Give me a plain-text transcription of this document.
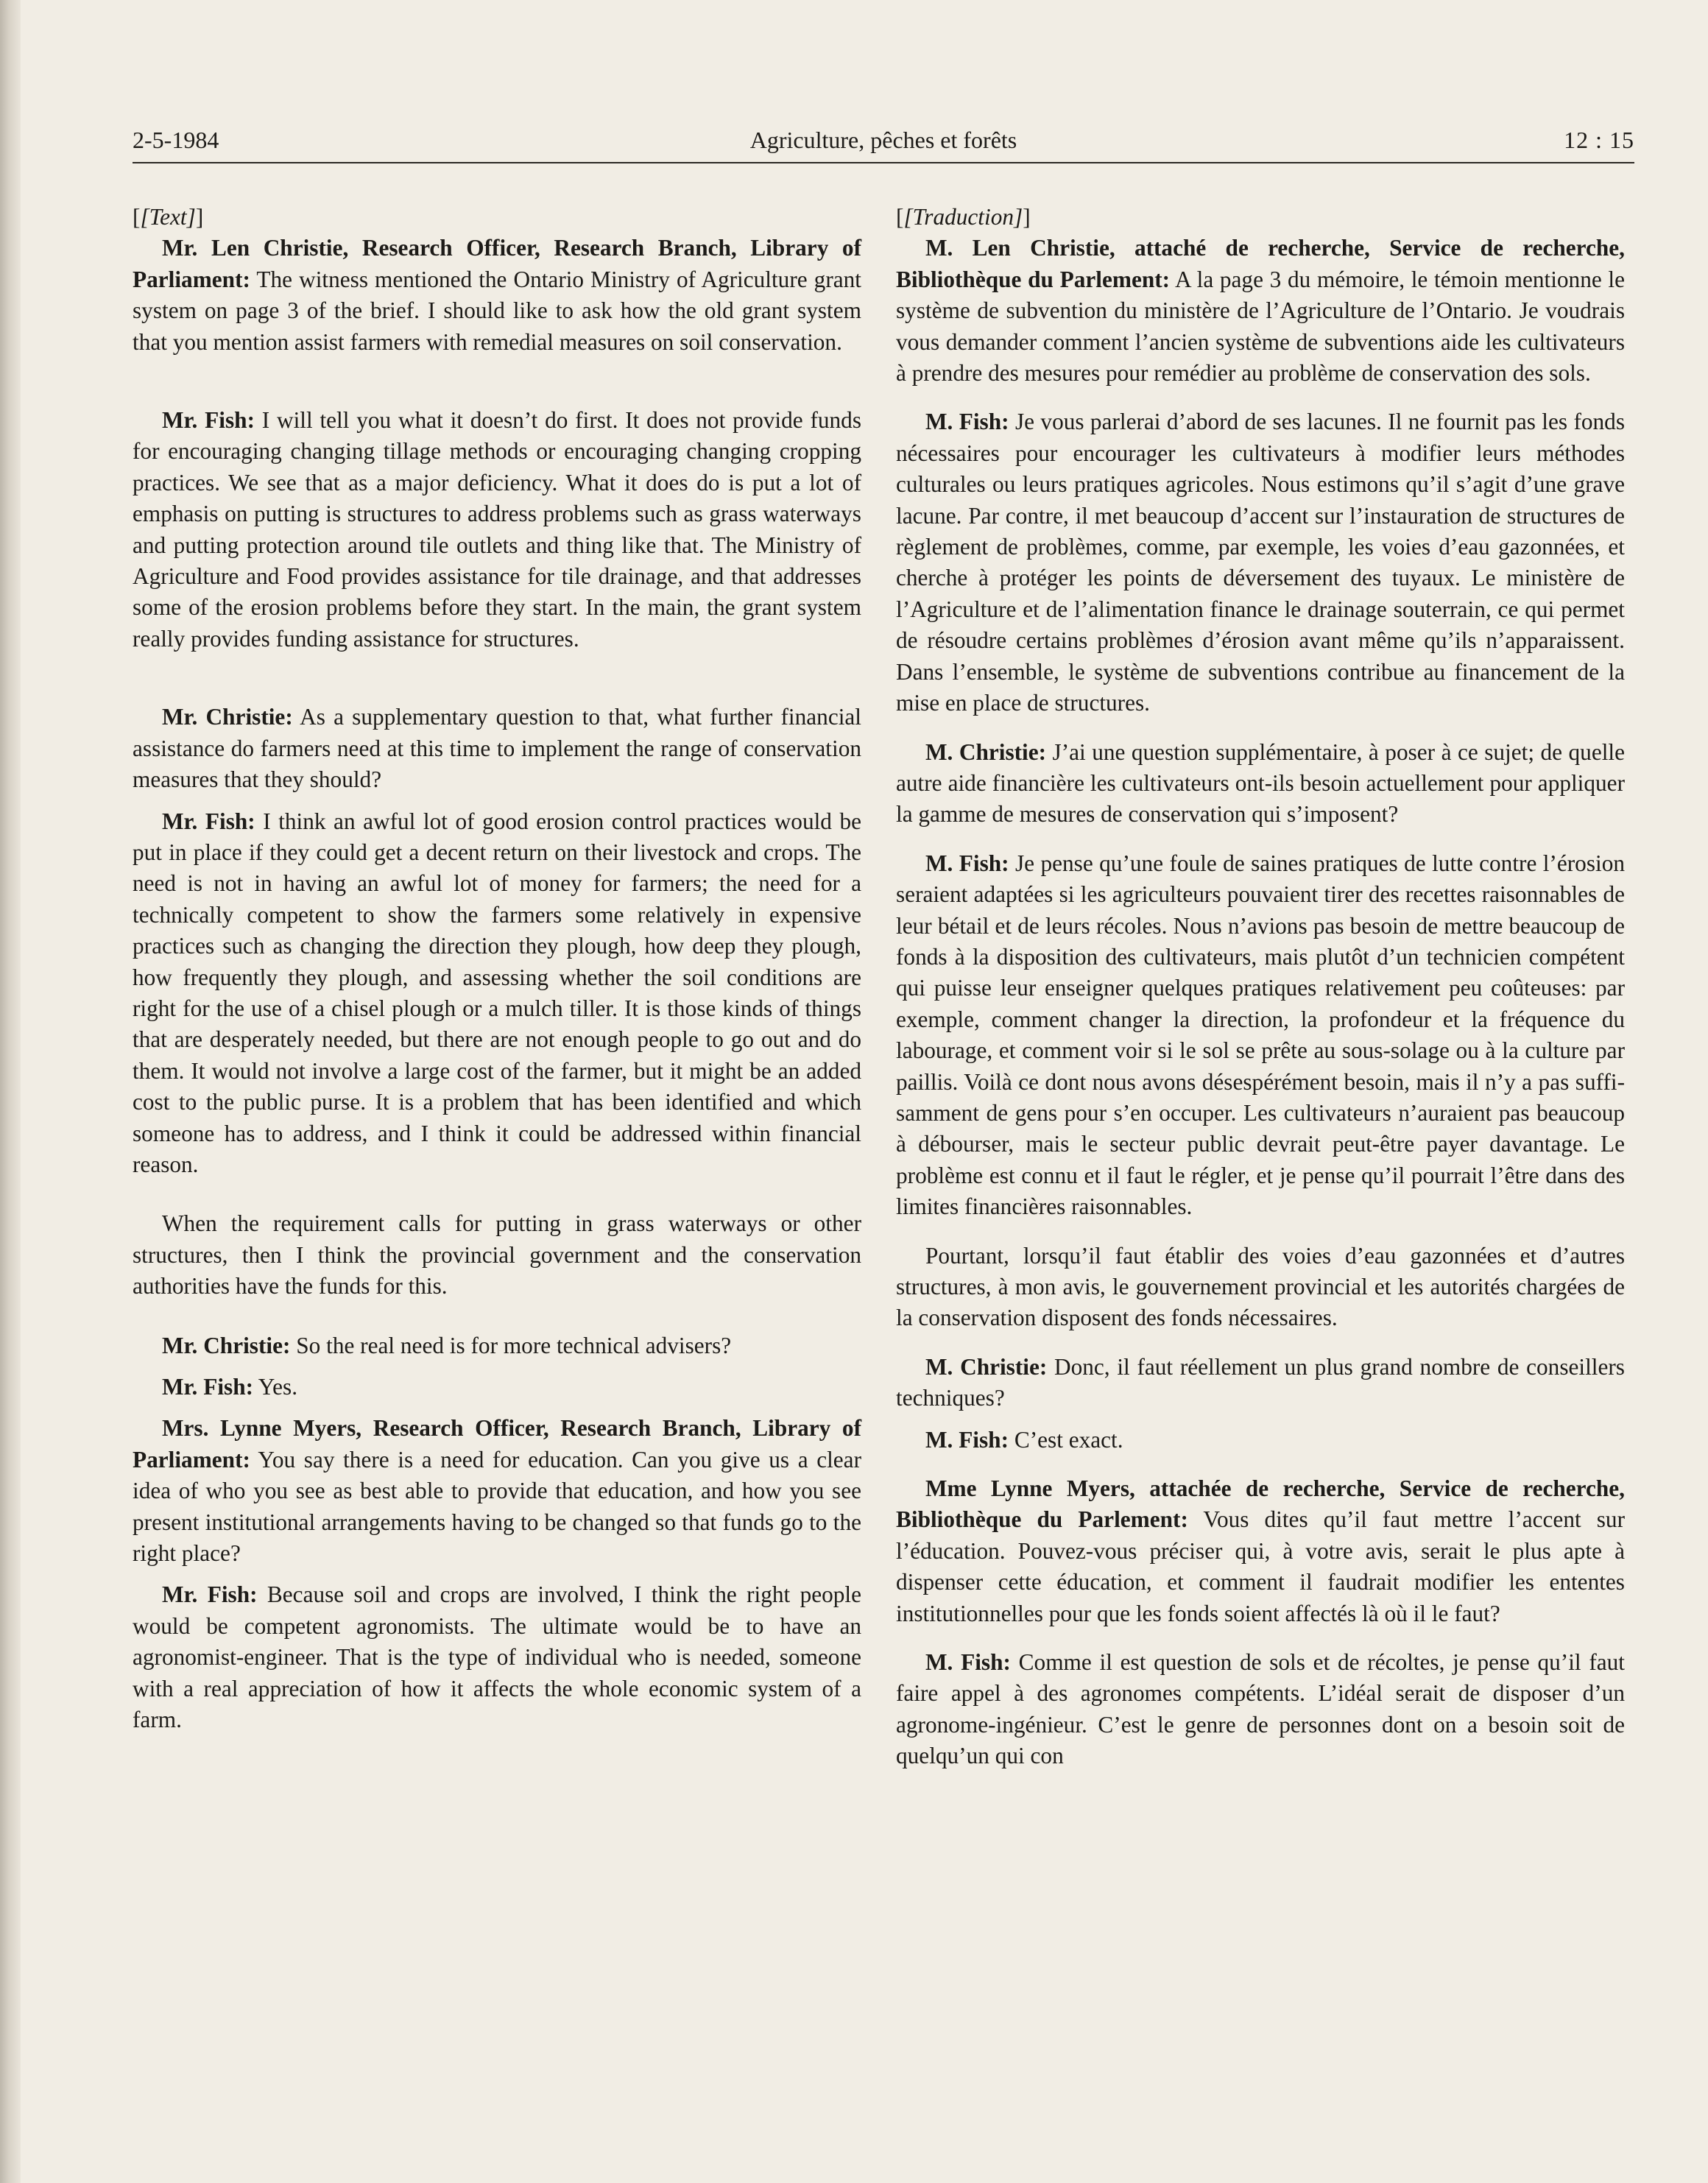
2-5-1984	Agriculture, pêches et forêts	12 : 15

[[Text]]

Mr. Len Christie, Research Officer, Research Branch, Library of Parliament: The witness mentioned the Ontario Ministry of Agriculture grant system on page 3 of the brief. I should like to ask how the old grant system that you mention assist farmers with remedial measures on soil conservation.

Mr. Fish: I will tell you what it doesn’t do first. It does not provide funds for encouraging changing tillage methods or encouraging changing cropping practices. We see that as a major deficiency. What it does do is put a lot of emphasis on putting is structures to address problems such as grass waterways and putting protection around tile outlets and thing like that. The Ministry of Agriculture and Food provides assistance for tile drainage, and that addresses some of the erosion problems before they start. In the main, the grant system really provides funding assistance for structures.

Mr. Christie: As a supplementary question to that, what further financial assistance do farmers need at this time to implement the range of conservation measures that they should?

Mr. Fish: I think an awful lot of good erosion control practices would be put in place if they could get a decent return on their livestock and crops. The need is not in having an awful lot of money for farmers; the need for a technically competent to show the farmers some relatively in expensive practices such as changing the direction they plough, how deep they plough, how frequently they plough, and assessing whether the soil conditions are right for the use of a chisel plough or a mulch tiller. It is those kinds of things that are desperately needed, but there are not enough people to go out and do them. It would not involve a large cost of the farmer, but it might be an added cost to the public purse. It is a problem that has been identified and which someone has to address, and I think it could be addressed within financial reason.

When the requirement calls for putting in grass waterways or other structures, then I think the provincial government and the conservation authorities have the funds for this.

Mr. Christie: So the real need is for more technical advisers?

Mr. Fish: Yes.

Mrs. Lynne Myers, Research Officer, Research Branch, Library of Parliament: You say there is a need for education. Can you give us a clear idea of who you see as best able to provide that education, and how you see present institutional arrangements having to be changed so that funds go to the right place?

Mr. Fish: Because soil and crops are involved, I think the right people would be competent agronomists. The ultimate would be to have an agronomist-engineer. That is the type of individual who is needed, someone with a real appreciation of how it affects the whole economic system of a farm.

[[Traduction]]

M. Len Christie, attaché de recherche, Service de recherche, Bibliothèque du Parlement: A la page 3 du mémoire, le témoin mentionne le système de subvention du ministère de l’Agriculture de l’Ontario. Je voudrais vous demander comment l’ancien système de subventions aide les cultivateurs à prendre des mesures pour remédier au problème de conservation des sols.

M. Fish: Je vous parlerai d’abord de ses lacunes. Il ne fournit pas les fonds nécessaires pour encourager les cultivateurs à modifier leurs méthodes culturales ou leurs pratiques agricoles. Nous estimons qu’il s’agit d’une grave lacune. Par contre, il met beaucoup d’accent sur l’instauration de structures de règlement de problèmes, comme, par exemple, les voies d’eau gazonnées, et cherche à protéger les points de déversement des tuyaux. Le ministère de l’Agriculture et de l’alimentation finance le drainage souterrain, ce qui permet de résoudre certains problèmes d’érosion avant même qu’ils n’apparaissent. Dans l’ensemble, le système de subventions contribue au financement de la mise en place de structures.

M. Christie: J’ai une question supplémentaire, à poser à ce sujet; de quelle autre aide financière les cultivateurs ont-ils besoin actuellement pour appliquer la gamme de mesures de conservation qui s’imposent?

M. Fish: Je pense qu’une foule de saines pratiques de lutte contre l’érosion seraient adaptées si les agriculteurs pouvaient tirer des recettes raisonnables de leur bétail et de leurs récoles. Nous n’avions pas besoin de mettre beaucoup de fonds à la disposition des cultivateurs, mais plutôt d’un technicien compétent qui puisse leur enseigner quelques pratiques relativement peu coûteuses: par exemple, comment changer la direction, la profondeur et la fréquence du labourage, et comment voir si le sol se prête au sous-solage ou à la culture par paillis. Voilà ce dont nous avons désespérément besoin, mais il n’y a pas suffisamment de gens pour s’en occuper. Les cultivateurs n’auraient pas beaucoup à débourser, mais le secteur public devrait peut-être payer davantage. Le problème est connu et il faut le régler, et je pense qu’il pourrait l’être dans des limites financières raisonnables.

Pourtant, lorsqu’il faut établir des voies d’eau gazonnées et d’autres structures, à mon avis, le gouvernement provincial et les autorités chargées de la conservation disposent des fonds nécessaires.

M. Christie: Donc, il faut réellement un plus grand nombre de conseillers techniques?

M. Fish: C’est exact.

Mme Lynne Myers, attachée de recherche, Service de recherche, Bibliothèque du Parlement: Vous dites qu’il faut mettre l’accent sur l’éducation. Pouvez-vous préciser qui, à votre avis, serait le plus apte à dispenser cette éducation, et comment il faudrait modifier les ententes institutionnelles pour que les fonds soient affectés là où il le faut?

M. Fish: Comme il est question de sols et de récoltes, je pense qu’il faut faire appel à des agronomes compétents. L’idéal serait de disposer d’un agronome-ingénieur. C’est le genre de personnes dont on a besoin soit de quelqu’un qui con
